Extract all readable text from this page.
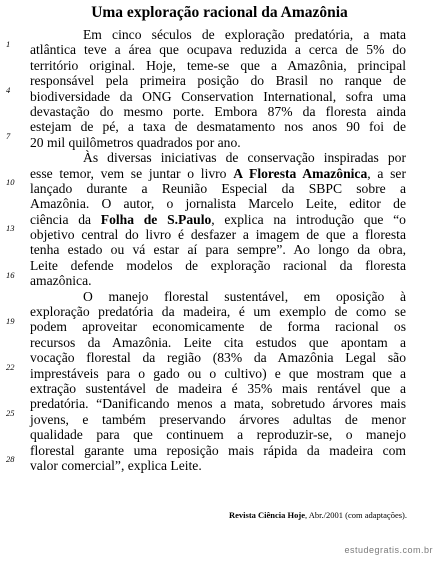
Uma exploração racional da Amazônia
1
4
7
10
13
16
19
22
25
28
Em cinco séculos de exploração predatória, a mata
atlântica teve a área que ocupava reduzida a cerca de 5% do
território original. Hoje, teme-se que a Amazônia, principal
responsável pela primeira posição do Brasil no ranque de
biodiversidade da ONG Conservation International, sofra uma
devastação do mesmo porte. Embora 87% da floresta ainda
estejam de pé, a taxa de desmatamento nos anos 90 foi de
20 mil quilômetros quadrados por ano.
Às diversas iniciativas de conservação inspiradas por
esse temor, vem se juntar o livro A Floresta Amazônica, a ser
lançado durante a Reunião Especial da SBPC sobre a
Amazônia. O autor, o jornalista Marcelo Leite, editor de
ciência da Folha de S.Paulo, explica na introdução que “o
objetivo central do livro é desfazer a imagem de que a floresta
tenha estado ou vá estar aí para sempre”. Ao longo da obra,
Leite defende modelos de exploração racional da floresta
amazônica.
O manejo florestal sustentável, em oposição à
exploração predatória da madeira, é um exemplo de como se
podem aproveitar economicamente de forma racional os
recursos da Amazônia. Leite cita estudos que apontam a
vocação florestal da região (83% da Amazônia Legal são
imprestáveis para o gado ou o cultivo) e que mostram que a
extração sustentável de madeira é 35% mais rentável que a
predatória. “Danificando menos a mata, sobretudo árvores mais
jovens, e também preservando árvores adultas de menor
qualidade para que continuem a reproduzir-se, o manejo
florestal garante uma reposição mais rápida da madeira com
valor comercial”, explica Leite.
Revista Ciência Hoje, Abr./2001 (com adaptações).
estudegratis.com.br
